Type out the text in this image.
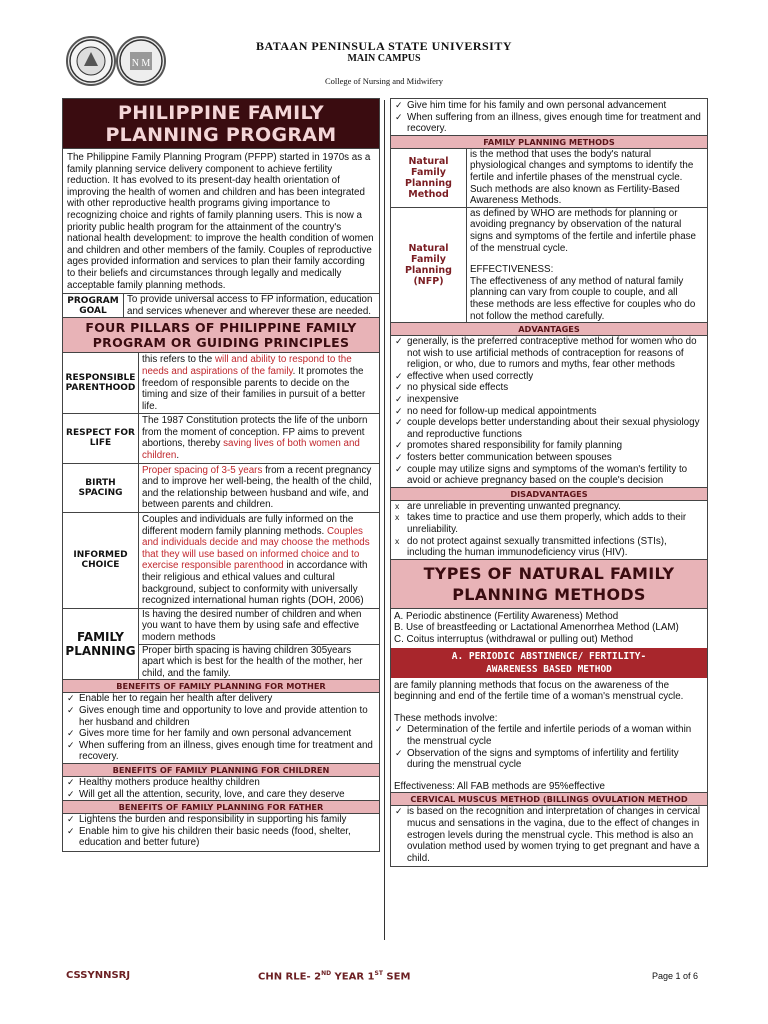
N M
BATAAN PENINSULA STATE UNIVERSITY
MAIN CAMPUS
College of Nursing and Midwifery
PHILIPPINE FAMILY
PLANNING PROGRAM
The Philippine Family Planning Program (PFPP) started in 1970s as a family planning service delivery component to achieve fertility reduction. It has evolved to its present-day health orientation of improving the health of women and children and has been integrated with other reproductive health programs giving importance to recognizing choice and rights of family planning users. This is now a priority public health program for the attainment of the country's national health development: to improve the health condition of women and children and other members of the family. Couples of reproductive ages provided information and services to plan their family according to their beliefs and circumstances through legally and medically acceptable family planning methods.
PROGRAM GOAL
To provide universal access to FP information, education and services whenever and wherever these are needed.
FOUR PILLARS OF PHILIPPINE FAMILY PROGRAM OR GUIDING PRINCIPLES
RESPONSIBLE PARENTHOOD
this refers to the will and ability to respond to the needs and aspirations of the family. It promotes the freedom of responsible parents to decide on the timing and size of their families in pursuit of a better life.
RESPECT FOR LIFE
The 1987 Constitution protects the life of the unborn from the moment of conception. FP aims to prevent abortions, thereby saving lives of both women and children.
BIRTH SPACING
Proper spacing of 3-5 years from a recent pregnancy and to improve her well-being, the health of the child, and the relationship between husband and wife, and between parents and children.
INFORMED CHOICE
Couples and individuals are fully informed on the different modern family planning methods. Couples and individuals decide and may choose the methods that they will use based on informed choice and to exercise responsible parenthood in accordance with their religious and ethical values and cultural background, subject to conformity with universally recognized international human rights (DOH, 2006)
FAMILY PLANNING
Is having the desired number of children and when you want to have them by using safe and effective modern methods
Proper birth spacing is having children 305years apart which is best for the health of the mother, her child, and the family.
BENEFITS OF FAMILY PLANNING FOR MOTHER
✓ Enable her to regain her health after delivery
✓ Gives enough time and opportunity to love and provide attention to her husband and children
✓ Gives more time for her family and own personal advancement
✓ When suffering from an illness, gives enough time for treatment and recovery.
BENEFITS OF FAMILY PLANNING FOR CHILDREN
✓ Healthy mothers produce healthy children
✓ Will get all the attention, security, love, and care they deserve
BENEFITS OF FAMILY PLANNING FOR FATHER
✓ Lightens the burden and responsibility in supporting his family
✓ Enable him to give his children their basic needs (food, shelter, education and better future)
✓ Give him time for his family and own personal advancement
✓ When suffering from an illness, gives enough time for treatment and recovery.
FAMILY PLANNING METHODS
Natural Family Planning Method
is the method that uses the body's natural physiological changes and symptoms to identify the fertile and infertile phases of the menstrual cycle. Such methods are also known as Fertility-Based Awareness Methods.
Natural Family Planning (NFP)
as defined by WHO are methods for planning or avoiding pregnancy by observation of the natural signs and symptoms of the fertile and infertile phase of the menstrual cycle.
EFFECTIVENESS:
The effectiveness of any method of natural family planning can vary from couple to couple, and all these methods are less effective for couples who do not follow the method carefully.
ADVANTAGES
✓ generally, is the preferred contraceptive method for women who do not wish to use artificial methods of contraception for reasons of religion, or who, due to rumors and myths, fear other methods
✓ effective when used correctly
✓ no physical side effects
✓ inexpensive
✓ no need for follow-up medical appointments
✓ couple develops better understanding about their sexual physiology and reproductive functions
✓ promotes shared responsibility for family planning
✓ fosters better communication between spouses
✓ couple may utilize signs and symptoms of the woman's fertility to avoid or achieve pregnancy based on the couple's decision
DISADVANTAGES
x are unreliable in preventing unwanted pregnancy.
x takes time to practice and use them properly, which adds to their unreliability.
x do not protect against sexually transmitted infections (STIs), including the human immunodeficiency virus (HIV).
TYPES OF NATURAL FAMILY
PLANNING METHODS
A. Periodic abstinence (Fertility Awareness) Method
B. Use of breastfeeding or Lactational Amenorrhea Method (LAM)
C. Coitus interruptus (withdrawal or pulling out) Method
A. PERIODIC ABSTINENCE/ FERTILITY-
AWARENESS BASED METHOD
are family planning methods that focus on the awareness of the beginning and end of the fertile time of a woman's menstrual cycle.
These methods involve:
✓ Determination of the fertile and infertile periods of a woman within the menstrual cycle
✓ Observation of the signs and symptoms of infertility and fertility during the menstrual cycle
Effectiveness: All FAB methods are 95%effective
CERVICAL MUSCUS METHOD (BILLINGS OVULATION METHOD
✓ is based on the recognition and interpretation of changes in cervical mucus and sensations in the vagina, due to the effect of changes in estrogen levels during the menstrual cycle. This method is also an ovulation method used by women trying to get pregnant and have a child.
CSSYNNSRJ	CHN RLE- 2ND YEAR 1ST SEM	Page 1 of 6
